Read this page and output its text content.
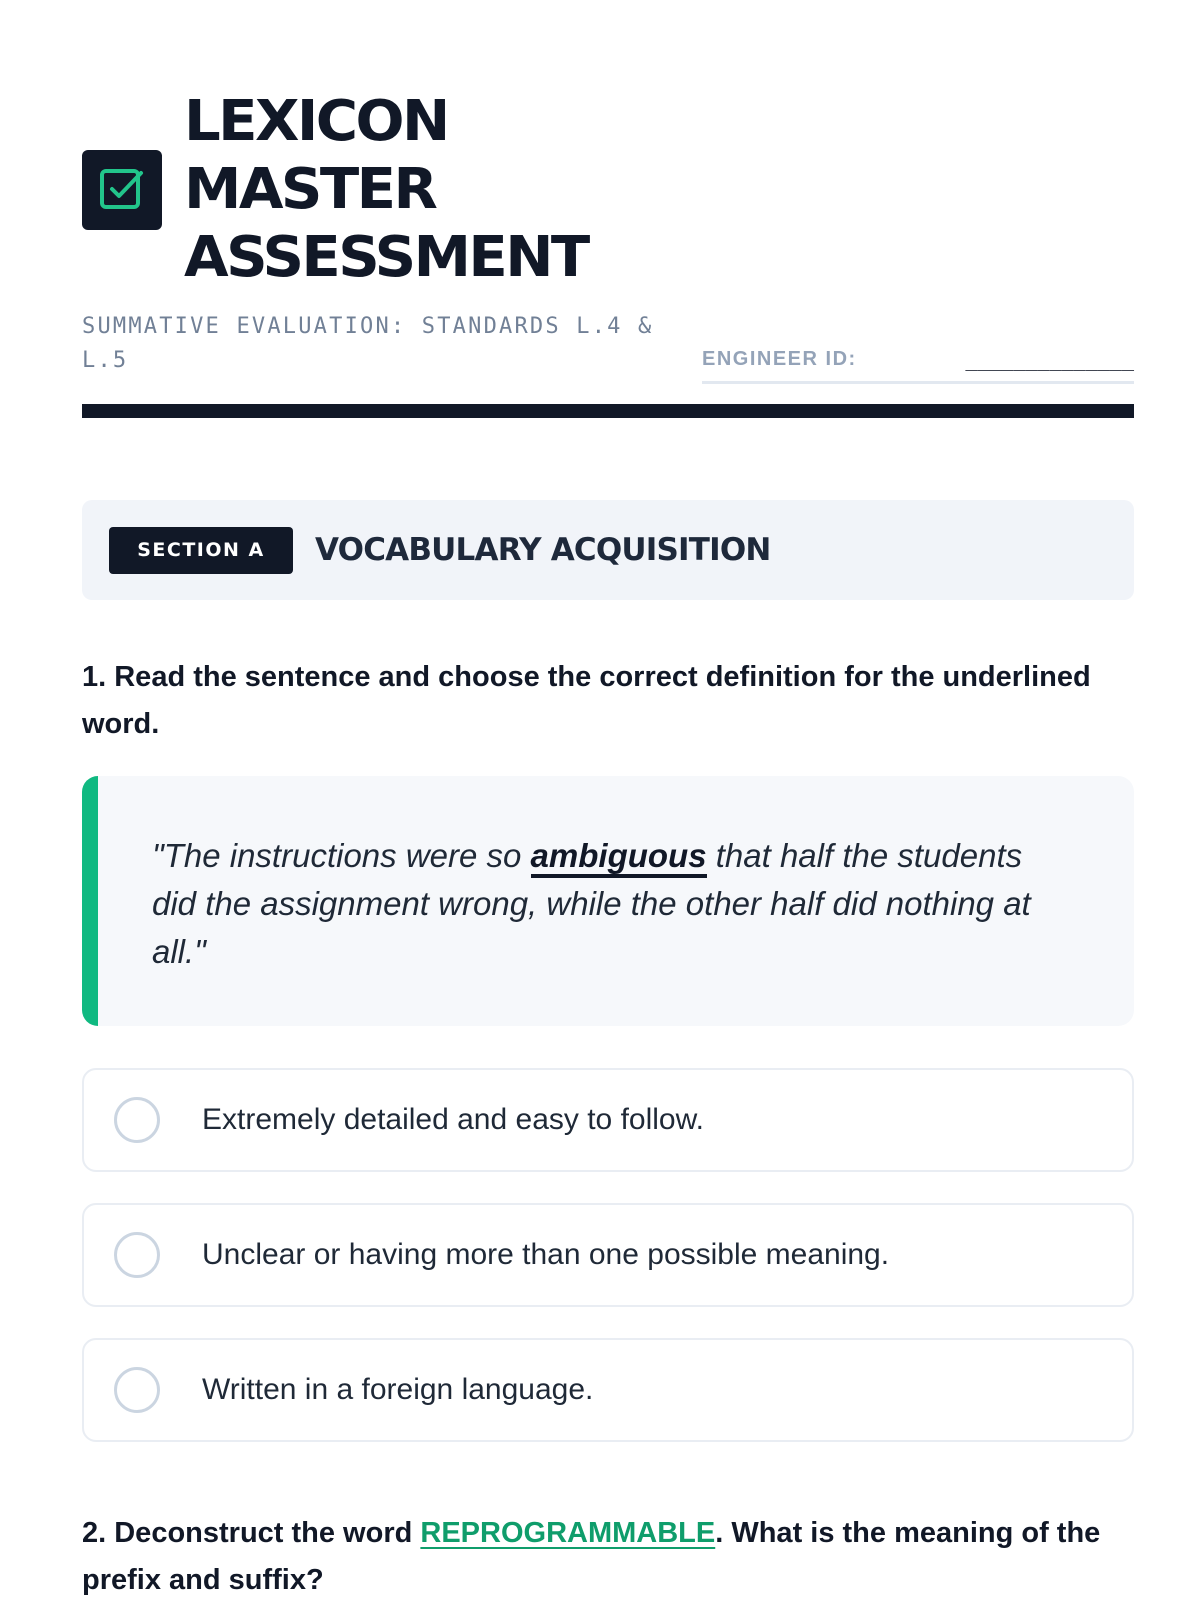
LEXICON
MASTER
ASSESSMENT
SUMMATIVE EVALUATION: STANDARDS L.4 & L.5	ENGINEER ID:	______________
SECTION A	VOCABULARY ACQUISITION
1. Read the sentence and choose the correct definition for the underlined word.

"The instructions were so ambiguous that half the students did the assignment wrong, while the other half did nothing at all."

Extremely detailed and easy to follow.
Unclear or having more than one possible meaning.
Written in a foreign language.
2. Deconstruct the word REPROGRAMMABLE. What is the meaning of the prefix and suffix?
